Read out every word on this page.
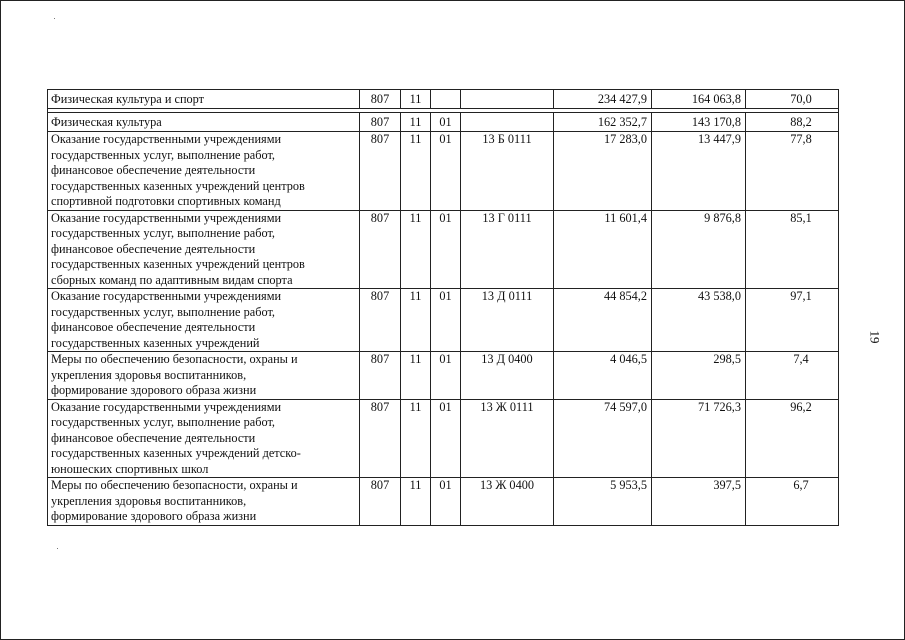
Физическая культура и спорт	807	11			234 427,9	164 063,8	70,0

Физическая культура	807	11	01		162 352,7	143 170,8	88,2
Оказание государственными учреждениями
государственных услуг, выполнение работ,
финансовое обеспечение деятельности
государственных казенных учреждений центров
спортивной подготовки спортивных команд	807	11	01	13 Б 0111	17 283,0	13 447,9	77,8
Оказание государственными учреждениями
государственных услуг, выполнение работ,
финансовое обеспечение деятельности
государственных казенных учреждений центров
сборных команд по адаптивным видам спорта	807	11	01	13 Г 0111	11 601,4	9 876,8	85,1
Оказание государственными учреждениями
государственных услуг, выполнение работ,
финансовое обеспечение деятельности
государственных казенных учреждений	807	11	01	13 Д 0111	44 854,2	43 538,0	97,1
Меры по обеспечению безопасности, охраны и
укрепления здоровья воспитанников,
формирование здорового образа жизни	807	11	01	13 Д 0400	4 046,5	298,5	7,4
Оказание государственными учреждениями
государственных услуг, выполнение работ,
финансовое обеспечение деятельности
государственных казенных учреждений детско-
юношеских спортивных школ	807	11	01	13 Ж 0111	74 597,0	71 726,3	96,2
Меры по обеспечению безопасности, охраны и
укрепления здоровья воспитанников,
формирование здорового образа жизни	807	11	01	13 Ж 0400	5 953,5	397,5	6,7
19
